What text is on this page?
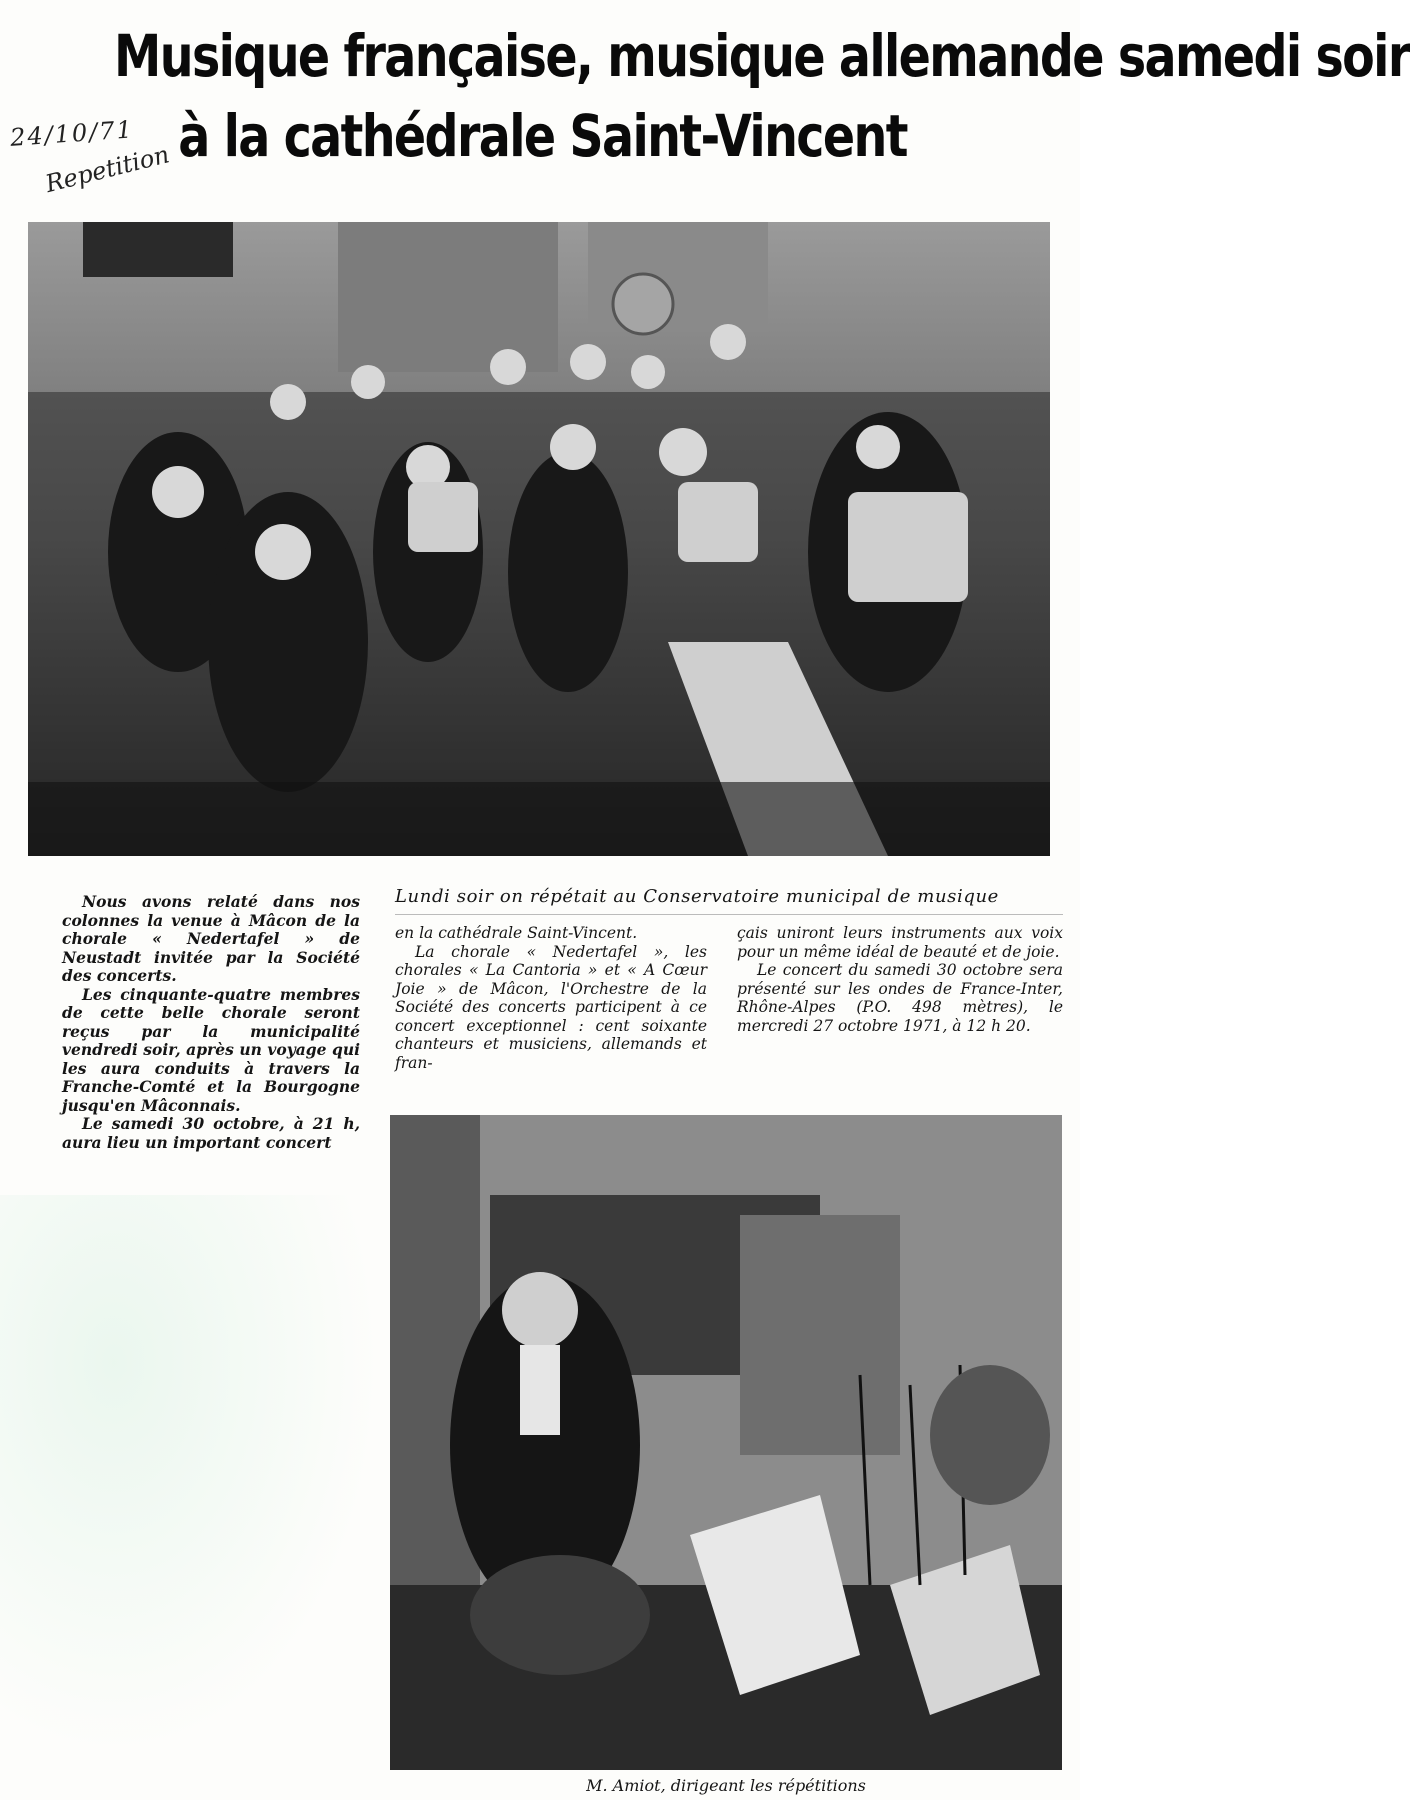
Musique française, musique allemande samedi soir
à la cathédrale Saint-Vincent
24/10/71
Repetition

Nous avons relaté dans nos colonnes la venue à Mâcon de la chorale « Nedertafel » de Neustadt invitée par la Société des concerts.

Les cinquante-quatre membres de cette belle chorale seront reçus par la municipalité vendredi soir, après un voyage qui les aura conduits à travers la Franche-Comté et la Bourgogne jusqu'en Mâconnais.

Le samedi 30 octobre, à 21 h, aura lieu un important concert

Lundi soir on répétait au Conservatoire municipal de musique

en la cathédrale Saint-Vincent.

La chorale « Nedertafel », les chorales « La Cantoria » et « A Cœur Joie » de Mâcon, l'Orchestre de la Société des concerts participent à ce concert exceptionnel : cent soixante chanteurs et musiciens, allemands et fran-

çais uniront leurs instruments aux voix pour un même idéal de beauté et de joie.

Le concert du samedi 30 octobre sera présenté sur les ondes de France-Inter, Rhône-Alpes (P.O. 498 mètres), le mercredi 27 octobre 1971, à 12 h 20.

M. Amiot, dirigeant les répétitions
